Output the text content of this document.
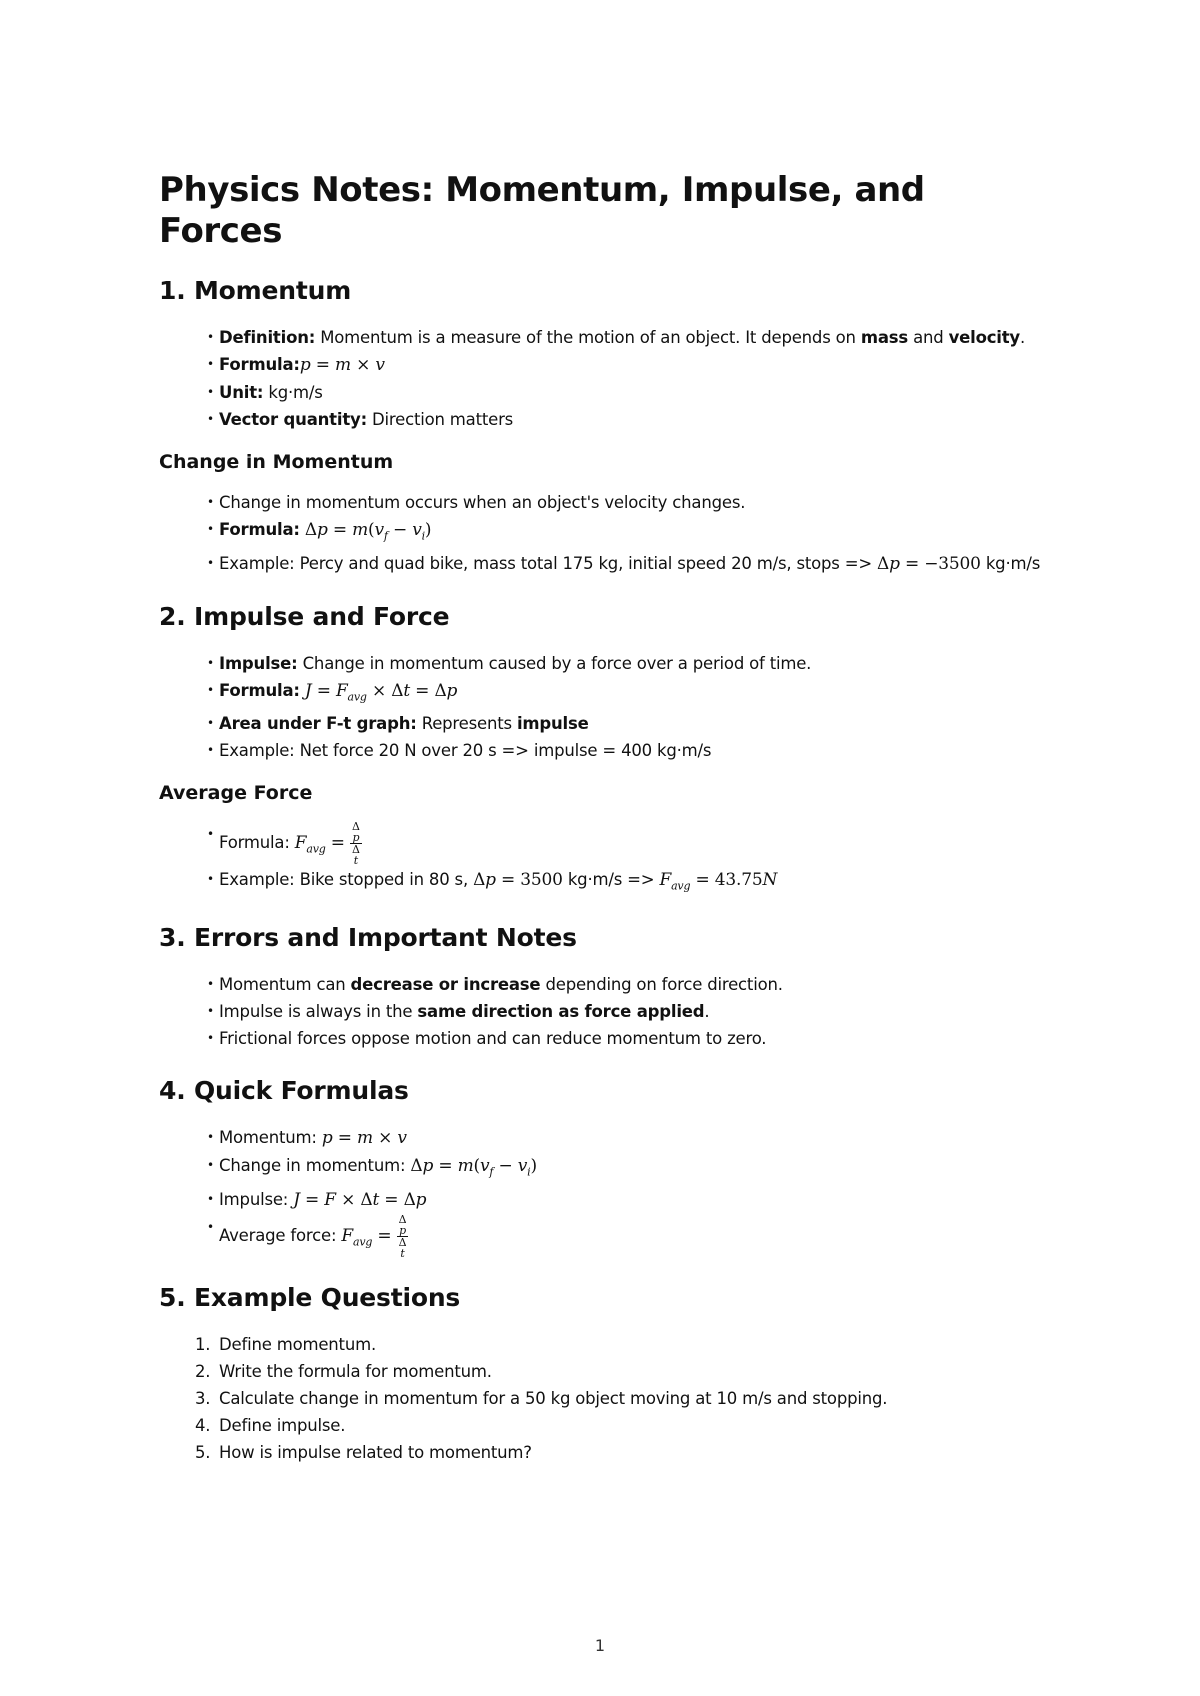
Physics Notes: Momentum, Impulse, and Forces
1. Momentum
• Definition: Momentum is a measure of the motion of an object. It depends on mass and velocity.
• Formula:p = m × v
• Unit: kg·m/s
• Vector quantity: Direction matters
Change in Momentum
• Change in momentum occurs when an object's velocity changes.
• Formula: $\Delta p = m(v_f - v_i)$
• Example: Percy and quad bike, mass total 175 kg, initial speed 20 m/s, stops => Δp = −3500 kg·m/s
2. Impulse and Force
• Impulse: Change in momentum caused by a force over a period of time.
• Formula: $J = F_{avg} \times \Delta t = \Delta p$
• Area under F-t graph: Represents impulse
• Example: Net force 20 N over 20 s => impulse = 400 kg·m/s
Average Force
• Formula: $F_{avg} = \Delta$
p
Δ
t
• Example: Bike stopped in 80 s, Δp = 3500 $kg\cdot m/s => F_{avg} = 43.75N$
3. Errors and Important Notes
• Momentum can decrease or increase depending on force direction.
• Impulse is always in the same direction as force applied.
• Frictional forces oppose motion and can reduce momentum to zero.
4. Quick Formulas
• Momentum: p = m × v
• Change in momentum: $\Delta p = m(v_f - v_i)$
• Impulse: J = F × Δt = Δp
• Average force: $F_{avg} = \Delta$
p
Δ
t
5. Example Questions
1. Define momentum.
2. Write the formula for momentum.
3. Calculate change in momentum for a 50 kg object moving at 10 m/s and stopping.
4. Define impulse.
5. How is impulse related to momentum?
1
